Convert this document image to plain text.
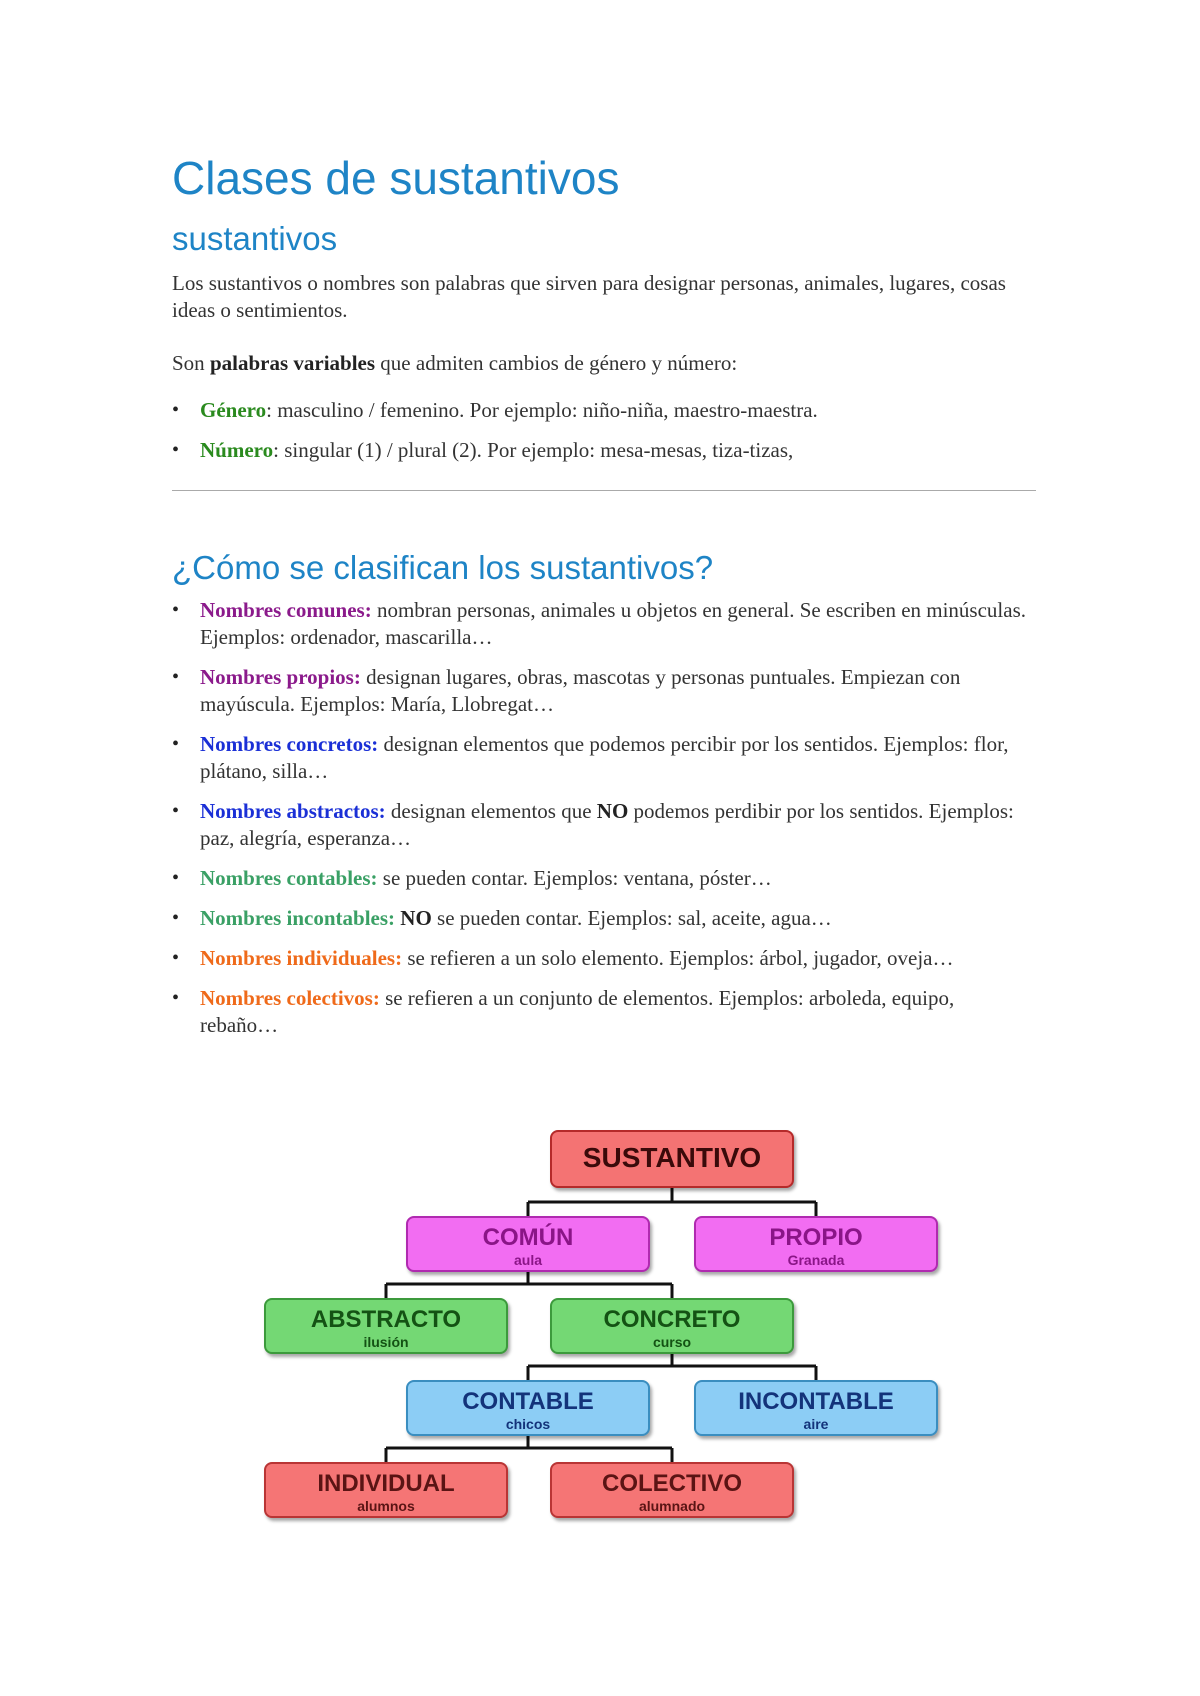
Clases de sustantivos
sustantivos

Los sustantivos o nombres son palabras que sirven para designar personas, animales, lugares, cosas ideas o sentimientos.

Son palabras variables que admiten cambios de género y número:

• Género: masculino / femenino. Por ejemplo: niño-niña, maestro-maestra.
• Número: singular (1) / plural (2). Por ejemplo: mesa-mesas, tiza-tizas,
¿Cómo se clasifican los sustantivos?
• Nombres comunes: nombran personas, animales u objetos en general. Se escriben en minúsculas. Ejemplos: ordenador, mascarilla…
• Nombres propios: designan lugares, obras, mascotas y personas puntuales. Empiezan con mayúscula. Ejemplos: María, Llobregat…
• Nombres concretos: designan elementos que podemos percibir por los sentidos. Ejemplos: flor, plátano, silla…
• Nombres abstractos: designan elementos que NO podemos perdibir por los sentidos. Ejemplos: paz, alegría, esperanza…
• Nombres contables: se pueden contar. Ejemplos: ventana, póster…
• Nombres incontables: NO se pueden contar. Ejemplos: sal, aceite, agua…
• Nombres individuales: se refieren a un solo elemento. Ejemplos: árbol, jugador, oveja…
• Nombres colectivos: se refieren a un conjunto de elementos. Ejemplos: arboleda, equipo, rebaño…
SUSTANTIVO
COMÚN
aula
PROPIO
Granada
ABSTRACTO
ilusión
CONCRETO
curso
CONTABLE
chicos
INCONTABLE
aire
INDIVIDUAL
alumnos
COLECTIVO
alumnado
